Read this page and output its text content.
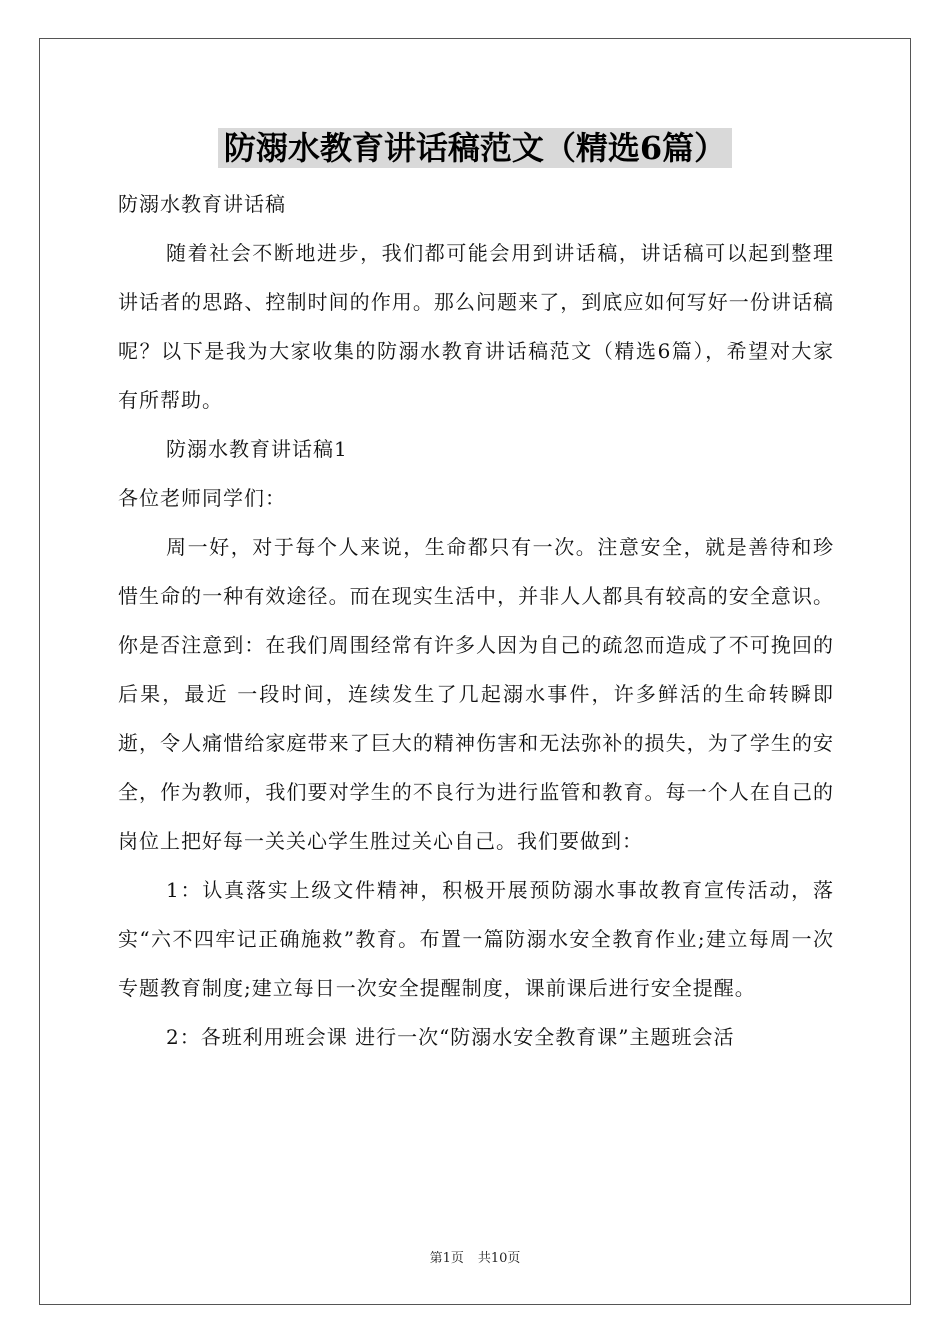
防溺水教育讲话稿范文（精选6篇）

防溺水教育讲话稿

随着社会不断地进步，我们都可能会用到讲话稿，讲话稿可以起到整理讲话者的思路、控制时间的作用。那么问题来了，到底应如何写好一份讲话稿呢？以下是我为大家收集的防溺水教育讲话稿范文（精选6篇），希望对大家有所帮助。

防溺水教育讲话稿1

各位老师同学们：

周一好，对于每个人来说，生命都只有一次。注意安全，就是善待和珍惜生命的一种有效途径。而在现实生活中，并非人人都具有较高的安全意识。你是否注意到：在我们周围经常有许多人因为自己的疏忽而造成了不可挽回的后果，最近 一段时间，连续发生了几起溺水事件，许多鲜活的生命转瞬即逝，令人痛惜给家庭带来了巨大的精神伤害和无法弥补的损失，为了学生的安全，作为教师，我们要对学生的不良行为进行监管和教育。每一个人在自己的岗位上把好每一关关心学生胜过关心自己。我们要做到：

1：认真落实上级文件精神，积极开展预防溺水事故教育宣传活动，落实“六不四牢记正确施救”教育。布置一篇防溺水安全教育作业;建立每周一次专题教育制度;建立每日一次安全提醒制度，课前课后进行安全提醒。

2：各班利用班会课 进行一次“防溺水安全教育课”主题班会活

第1页 共10页
